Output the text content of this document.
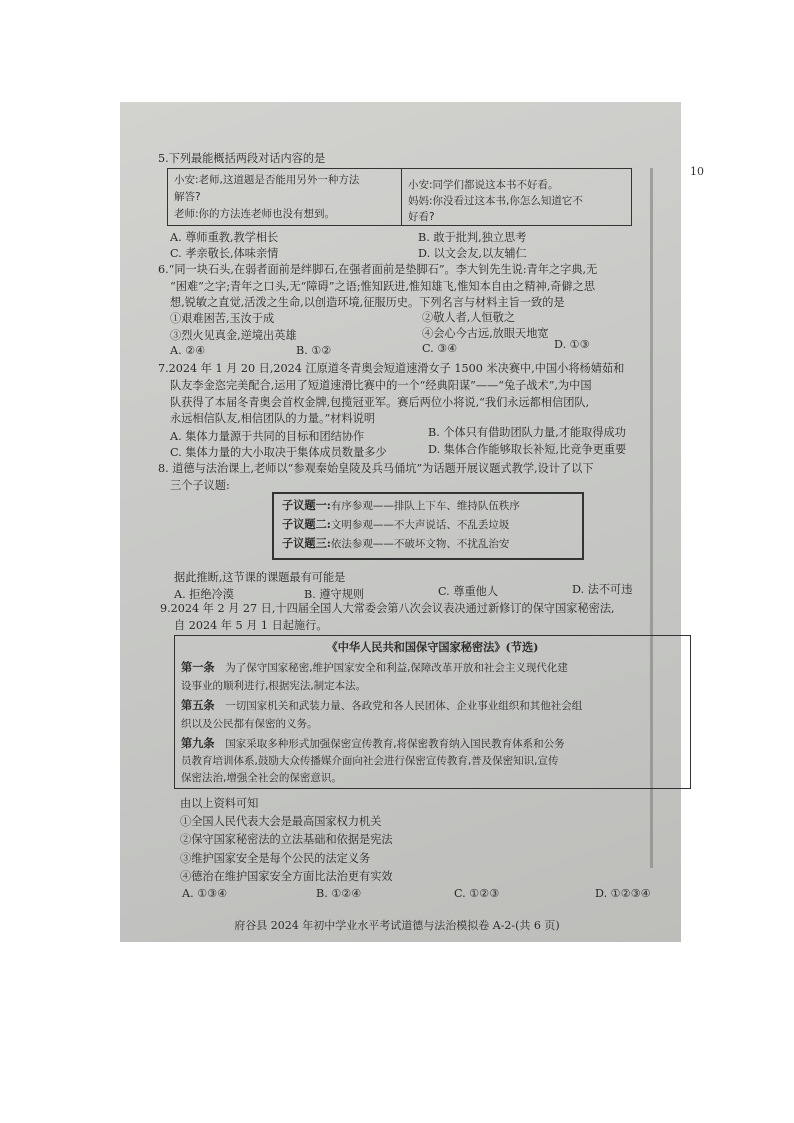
10
5.下列最能概括两段对话内容的是
小安:老师,这道题是否能用另外一种方法
解答?
老师:你的方法连老师也没有想到。
小安:同学们都说这本书不好看。
妈妈:你没看过这本书,你怎么知道它不
好看?
A. 尊师重教,教学相长	B. 敢于批判,独立思考
C. 孝亲敬长,体味亲情	D. 以文会友,以友辅仁
6.“同一块石头,在弱者面前是绊脚石,在强者面前是垫脚石”。李大钊先生说:青年之字典,无
“困难”之字;青年之口头,无“障碍”之语;惟知跃进,惟知雄飞,惟知本自由之精神,奇僻之思
想,锐敏之直觉,活泼之生命,以创造环境,征服历史。下列名言与材料主旨一致的是
①艰难困苦,玉汝于成	②敬人者,人恒敬之
③烈火见真金,逆境出英雄	④会心今古远,放眼天地宽
A. ②④	B. ①②	C. ③④	D. ①③
7.2024 年 1 月 20 日,2024 江原道冬青奥会短道速滑女子 1500 米决赛中,中国小将杨婧茹和
队友李金恣完美配合,运用了短道速滑比赛中的一个“经典阳谋”——“兔子战术”,为中国
队获得了本届冬青奥会首枚金牌,包揽冠亚军。赛后两位小将说,“我们永远都相信团队,
永远相信队友,相信团队的力量。”材料说明
A. 集体力量源于共同的目标和团结协作	B. 个体只有借助团队力量,才能取得成功
C. 集体力量的大小取决于集体成员数量多少	D. 集体合作能够取长补短,比竞争更重要
8. 道德与法治课上,老师以“参观秦始皇陵及兵马俑坑”为话题开展议题式教学,设计了以下
三个子议题:
子议题一:有序参观——排队上下车、维持队伍秩序
子议题二:文明参观——不大声说话、不乱丢垃圾
子议题三:依法参观——不破坏文物、不扰乱治安
据此推断,这节课的课题最有可能是
A. 拒绝冷漠	B. 遵守规则	C. 尊重他人	D. 法不可违
9.2024 年 2 月 27 日,十四届全国人大常委会第八次会议表决通过新修订的保守国家秘密法,
自 2024 年 5 月 1 日起施行。
《中华人民共和国保守国家秘密法》(节选)
第一条 为了保守国家秘密,维护国家安全和利益,保障改革开放和社会主义现代化建
设事业的顺利进行,根据宪法,制定本法。
第五条 一切国家机关和武装力量、各政党和各人民团体、企业事业组织和其他社会组
织以及公民都有保密的义务。
第九条 国家采取多种形式加强保密宣传教育,将保密教育纳入国民教育体系和公务
员教育培训体系,鼓励大众传播媒介面向社会进行保密宣传教育,普及保密知识,宣传
保密法治,增强全社会的保密意识。
由以上资料可知
①全国人民代表大会是最高国家权力机关
②保守国家秘密法的立法基础和依据是宪法
③维护国家安全是每个公民的法定义务
④德治在维护国家安全方面比法治更有实效
A. ①③④	B. ①②④	C. ①②③	D. ①②③④
府谷县 2024 年初中学业水平考试道德与法治模拟卷 A-2-(共 6 页)
